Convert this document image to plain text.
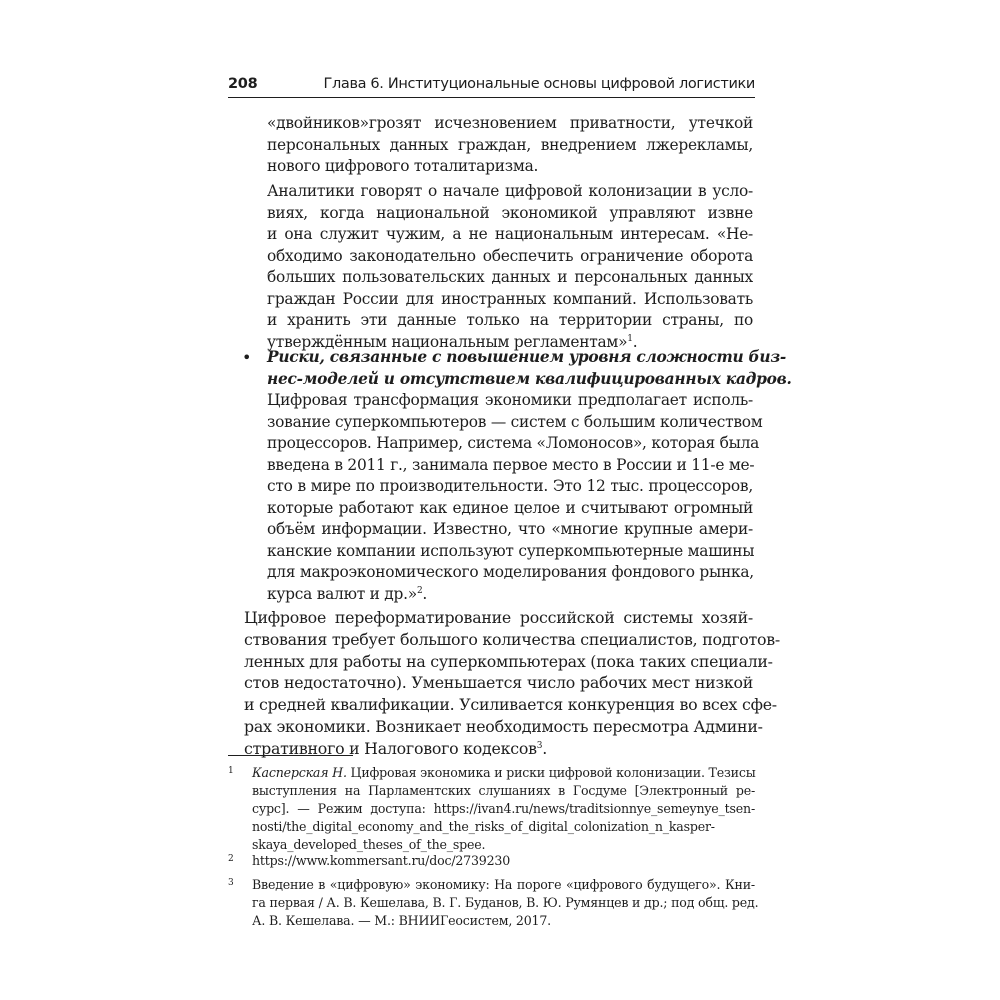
208	Глава 6. Институциональные основы цифровой логистики
«двойников»грозят исчезновением приватности, утечкой
персональных данных граждан, внедрением лжерекламы,
нового цифрового тоталитаризма.
Аналитики говорят о начале цифровой колонизации в усло-
виях, когда национальной экономикой управляют извне
и она служит чужим, а не национальным интересам. «Не-
обходимо законодательно обеспечить ограничение оборота
больших пользовательских данных и персональных данных
граждан России для иностранных компаний. Использовать
и хранить эти данные только на территории страны, по
утверждённым национальным регламентам»$^1$.
• Риски, связанные с повышением уровня сложности биз-
нес-моделей и отсутствием квалифицированных кадров.
Цифровая трансформация экономики предполагает исполь-
зование суперкомпьютеров — систем с большим количеством
процессоров. Например, система «Ломоносов», которая была
введена в 2011 г., занимала первое место в России и 11-е ме-
сто в мире по производительности. Это 12 тыс. процессоров,
которые работают как единое целое и считывают огромный
объём информации. Известно, что «многие крупные амери-
канские компании используют суперкомпьютерные машины
для макроэкономического моделирования фондового рынка,
курса валют и др.»$^2$.
Цифровое переформатирование российской системы хозяй-
ствования требует большого количества специалистов, подготов-
ленных для работы на суперкомпьютерах (пока таких специали-
стов недостаточно). Уменьшается число рабочих мест низкой
и средней квалификации. Усиливается конкуренция во всех сфе-
рах экономики. Возникает необходимость пересмотра Админи-
стративного и Налогового кодексов$^3$.
1 Касперская Н. Цифровая экономика и риски цифровой колонизации. Тезисы
выступления на Парламентских слушаниях в Госдуме [Электронный ре-
сурс]. — Режим доступа: https://ivan4.ru/news/traditsionnye_semeynye_tsen-
nosti/the_digital_economy_and_the_risks_of_digital_colonization_n_kasper-
skaya_developed_theses_of_the_spee.
2 https://www.kommersant.ru/doc/2739230
3 Введение в «цифровую» экономику: На пороге «цифрового будущего». Кни-
га первая / А. В. Кешелава, В. Г. Буданов, В. Ю. Румянцев и др.; под общ. ред.
А. В. Кешелава. — М.: ВНИИГеосистем, 2017.
